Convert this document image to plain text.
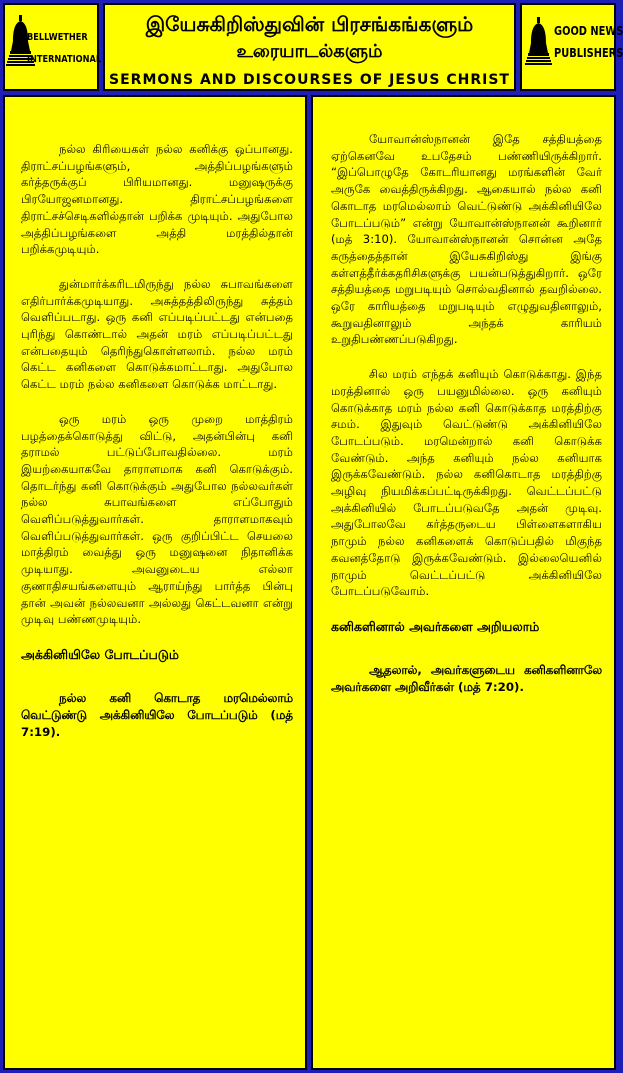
BELLWETHER
INTERNATIONAL
இயேசுகிறிஸ்துவின் பிரசங்கங்களும்
உரையாடல்களும்
SERMONS AND DISCOURSES OF JESUS CHRIST
GOOD NEWS
PUBLISHERS

நல்ல கிரியைகள் நல்ல கனிக்கு ஒப்பானது. திராட்சப்பழங்களும், அத்திப்பழங்களும் கர்த்தருக்குப் பிரியமானது. மனுஷருக்கு பிரயோஜனமானது. திராட்சப்பழங்களை திராட்சச்செடிகளில்தான் பறிக்க முடியும். அதுபோல அத்திப்பழங்களை அத்தி மரத்தில்தான் பறிக்கமுடியும்.

துன்மார்க்கரிடமிருந்து நல்ல சுபாவங்களை எதிர்பார்க்கமுடியாது. அசுத்தத்திலிருந்து சுத்தம் வெளிப்படாது. ஒரு கனி எப்படிப்பட்டது என்பதை புரிந்து கொண்டால் அதன் மரம் எப்படிப்பட்டது என்பதையும் தெரிந்துகொள்ளலாம். நல்ல மரம் கெட்ட கனிகளை கொடுக்கமாட்டாது. அதுபோல கெட்ட மரம் நல்ல கனிகளை கொடுக்க மாட்டாது.

ஒரு மரம் ஒரு முறை மாத்திரம் பழத்தைக்கொடுத்து விட்டு, அதன்பின்பு கனி தராமல் பட்டுப்போவதில்லை. மரம் இயற்கையாகவே தாராளமாக கனி கொடுக்கும். தொடர்ந்து கனி கொடுக்கும் அதுபோல நல்லவர்கள் நல்ல சுபாவங்களை எப்போதும் வெளிப்படுத்துவார்கள். தாராளமாகவும் வெளிப்படுத்துவார்கள். ஒரு குறிப்பிட்ட செயலை மாத்திரம் வைத்து ஒரு மனுஷனை நிதானிக்க முடியாது. அவனுடைய எல்லா குணாதிசயங்களையும் ஆராய்ந்து பார்த்த பின்பு தான் அவன் நல்லவனா அல்லது கெட்டவனா என்று முடிவு பண்ணமுடியும்.

அக்கினியிலே போடப்படும்

நல்ல கனி கொடாத மரமெல்லாம் வெட்டுண்டு அக்கினியிலே போடப்படும் (மத் 7:19).

யோவான்ஸ்நானன் இதே சத்தியத்தை ஏற்கெனவே உபதேசம் பண்ணியிருக்கிறார். “இப்பொழுதே கோடரியானது மரங்களின் வேர் அருகே வைத்திருக்கிறது. ஆகையால் நல்ல கனி கொடாத மரமெல்லாம் வெட்டுண்டு அக்கினியிலே போடப்படும்” என்று யோவான்ஸ்நானன் கூறினார் (மத் 3:10). யோவான்ஸ்நானன் சொன்ன அதே கருத்தைத்தான் இயேசுகிறிஸ்து இங்கு கள்ளத்தீர்க்கதரிசிகளுக்கு பயன்படுத்துகிறார். ஒரே சத்தியத்தை மறுபடியும் சொல்வதினால் தவறில்லை. ஒரே காரியத்தை மறுபடியும் எழுதுவதினாலும், கூறுவதினாலும் அந்தக் காரியம் உறுதிபண்ணப்படுகிறது.

சில மரம் எந்தக் கனியும் கொடுக்காது. இந்த மரத்தினால் ஒரு பயனுமில்லை. ஒரு கனியும் கொடுக்காத மரம் நல்ல கனி கொடுக்காத மரத்திற்கு சமம். இதுவும் வெட்டுண்டு அக்கினியிலே போடப்படும். மரமென்றால் கனி கொடுக்க வேண்டும். அந்த கனியும் நல்ல கனியாக இருக்கவேண்டும். நல்ல கனிகொடாத மரத்திற்கு அழிவு நியமிக்கப்பட்டிருக்கிறது. வெட்டப்பட்டு அக்கினியில் போடப்படுவதே அதன் முடிவு. அதுபோலவே கர்த்தருடைய பிள்ளைகளாகிய நாமும் நல்ல கனிகளைக் கொடுப்பதில் மிகுந்த கவனத்தோடு இருக்கவேண்டும். இல்லையெனில் நாமும் வெட்டப்பட்டு அக்கினியிலே போடப்படுவோம்.

கனிகளினால் அவர்களை அறியலாம்

ஆதலால், அவர்களுடைய கனிகளினாலே அவர்களை அறிவீர்கள் (மத் 7:20).
